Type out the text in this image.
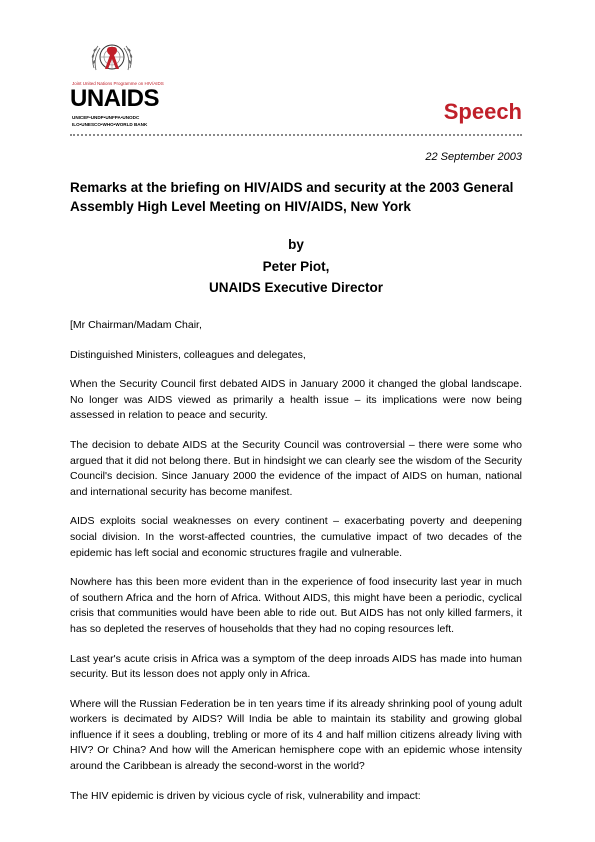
Joint United Nations Programme on HIV/AIDS
UNAIDS
UNICEF•UNDP•UNFPA•UNODC
ILO•UNESCO•WHO•WORLD BANK
Speech
22 September 2003
Remarks at the briefing on HIV/AIDS and security at the 2003 General Assembly High Level Meeting on HIV/AIDS, New York
by
Peter Piot,
UNAIDS Executive Director

[Mr Chairman/Madam Chair,

Distinguished Ministers, colleagues and delegates,

When the Security Council first debated AIDS in January 2000 it changed the global landscape. No longer was AIDS viewed as primarily a health issue – its implications were now being assessed in relation to peace and security.

The decision to debate AIDS at the Security Council was controversial – there were some who argued that it did not belong there. But in hindsight we can clearly see the wisdom of the Security Council's decision. Since January 2000 the evidence of the impact of AIDS on human, national and international security has become manifest.

AIDS exploits social weaknesses on every continent – exacerbating poverty and deepening social division. In the worst-affected countries, the cumulative impact of two decades of the epidemic has left social and economic structures fragile and vulnerable.

Nowhere has this been more evident than in the experience of food insecurity last year in much of southern Africa and the horn of Africa. Without AIDS, this might have been a periodic, cyclical crisis that communities would have been able to ride out. But AIDS has not only killed farmers, it has so depleted the reserves of households that they had no coping resources left.

Last year's acute crisis in Africa was a symptom of the deep inroads AIDS has made into human security. But its lesson does not apply only in Africa.

Where will the Russian Federation be in ten years time if its already shrinking pool of young adult workers is decimated by AIDS? Will India be able to maintain its stability and growing global influence if it sees a doubling, trebling or more of its 4 and half million citizens already living with HIV? Or China? And how will the American hemisphere cope with an epidemic whose intensity around the Caribbean is already the second-worst in the world?

The HIV epidemic is driven by vicious cycle of risk, vulnerability and impact:
